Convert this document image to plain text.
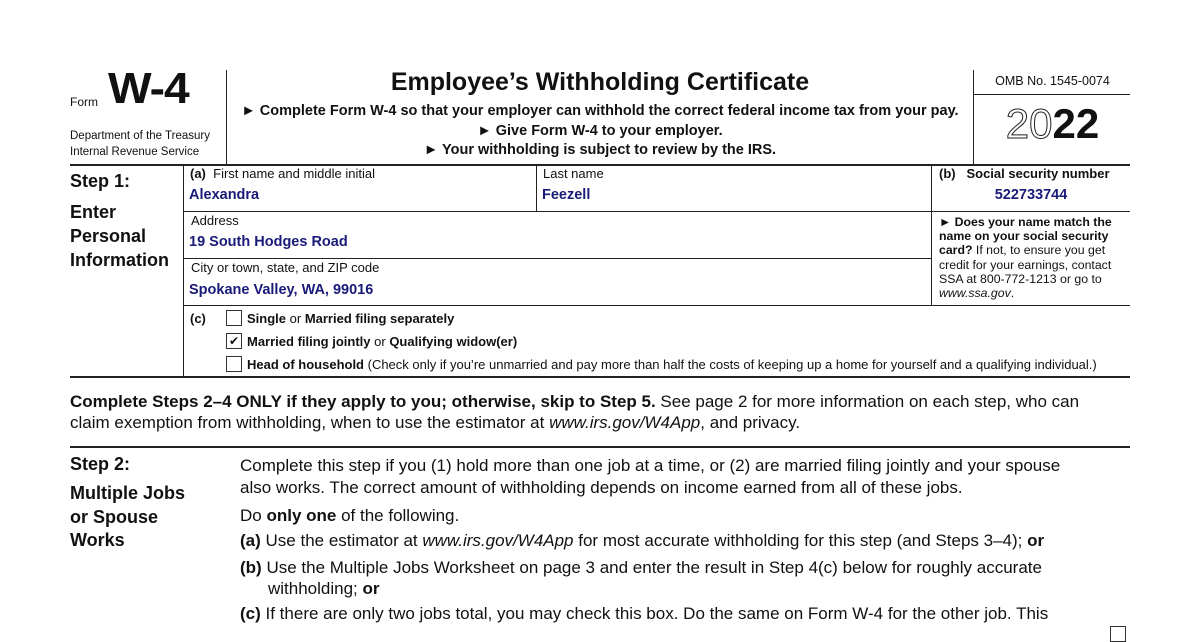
Form W-4
Department of the Treasury
Internal Revenue Service
Employee’s Withholding Certificate
► Complete Form W-4 so that your employer can withhold the correct federal income tax from your pay.
► Give Form W-4 to your employer.
► Your withholding is subject to review by the IRS.
OMB No. 1545-0074
2022
Step 1:
Enter
Personal
Information
(a) First name and middle initial
Alexandra
Last name
Feezell
(b) Social security number
522733744
Address
19 South Hodges Road
City or town, state, and ZIP code
Spokane Valley, WA, 99016
► Does your name match the
name on your social security
card? If not, to ensure you get
credit for your earnings, contact
SSA at 800-772-1213 or go to
www.ssa.gov.
(c)	Single or Married filing separately
✔ Married filing jointly or Qualifying widow(er)
Head of household (Check only if you’re unmarried and pay more than half the costs of keeping up a home for yourself and a qualifying individual.)
Complete Steps 2–4 ONLY if they apply to you; otherwise, skip to Step 5. See page 2 for more information on each step, who can
claim exemption from withholding, when to use the estimator at www.irs.gov/W4App, and privacy.
Step 2:
Multiple Jobs
or Spouse
Works
Complete this step if you (1) hold more than one job at a time, or (2) are married filing jointly and your spouse
also works. The correct amount of withholding depends on income earned from all of these jobs.
Do only one of the following.
(a) Use the estimator at www.irs.gov/W4App for most accurate withholding for this step (and Steps 3–4); or
(b) Use the Multiple Jobs Worksheet on page 3 and enter the result in Step 4(c) below for roughly accurate
withholding; or
(c) If there are only two jobs total, you may check this box. Do the same on Form W-4 for the other job. This
